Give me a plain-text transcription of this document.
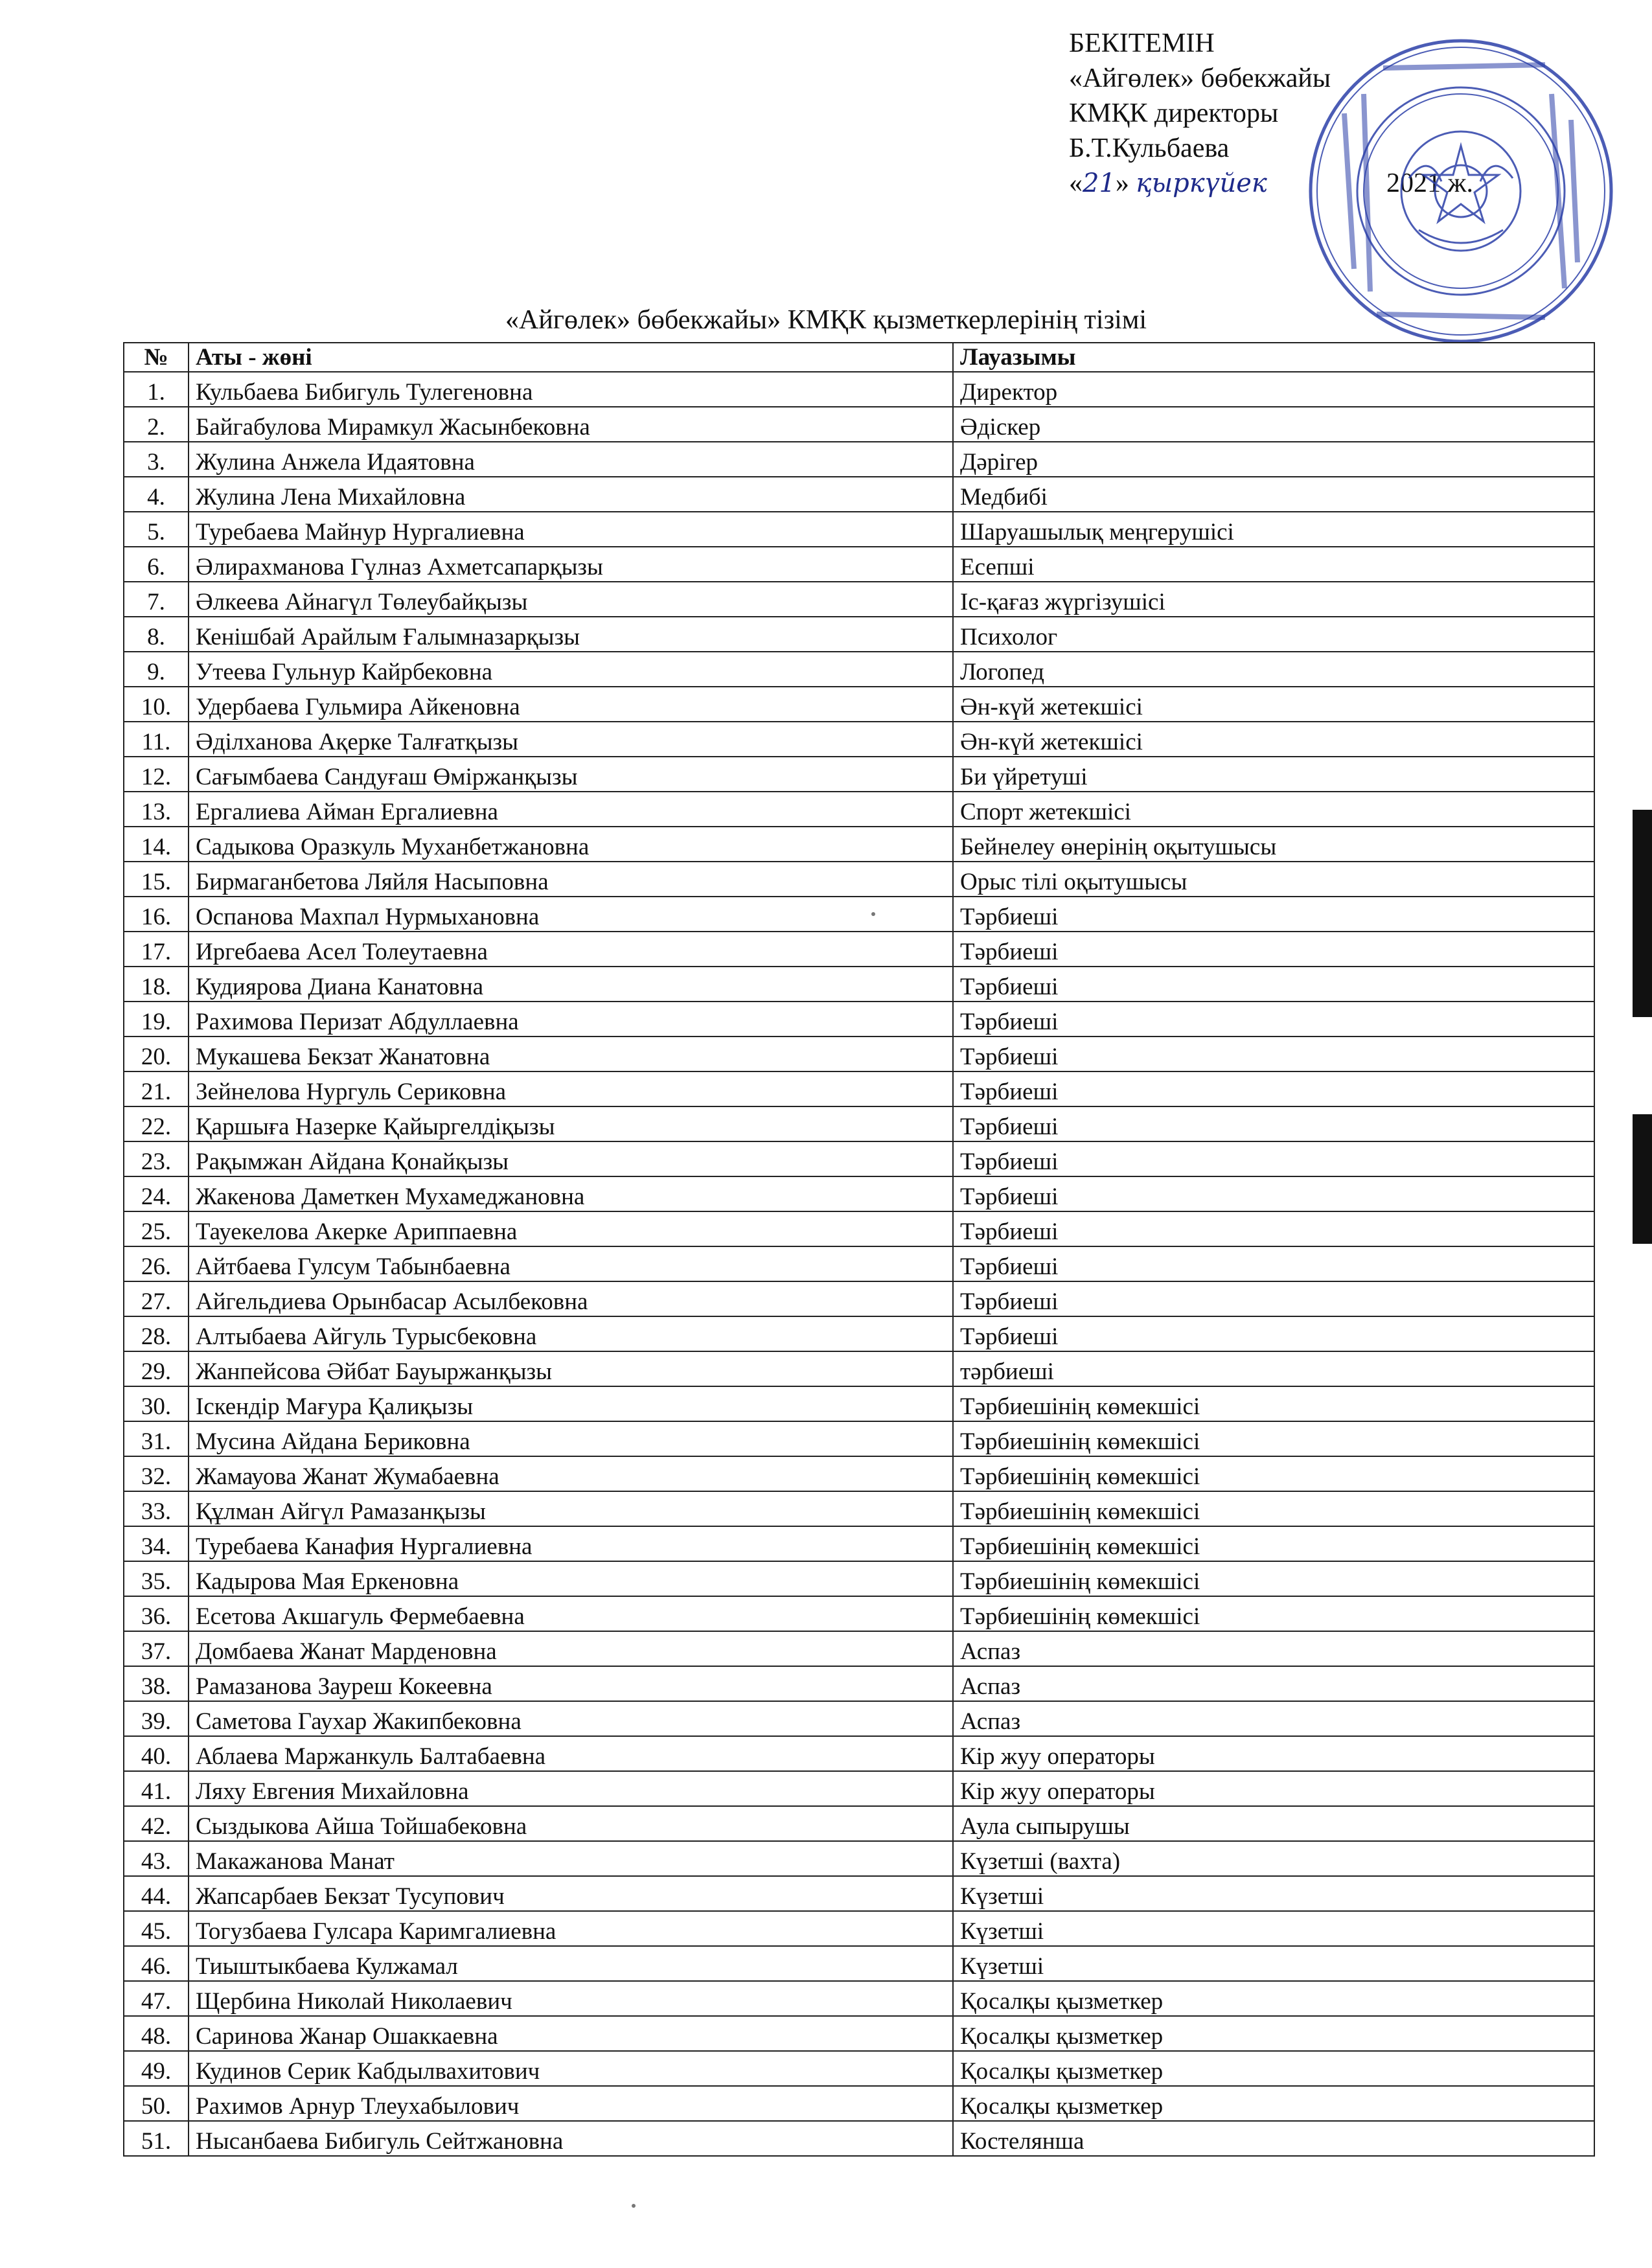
БЕКІТЕМІН
«Айгөлек» бөбекжайы
КМҚК директоры
Б.Т.Кульбаева
«21» қыркүйек	2021 ж.
«Айгөлек» бөбекжайы» КМҚК қызметкерлерінің тізімі
№	Аты - жөні	Лауазымы
1.	Кульбаева Бибигуль Тулегеновна	Директор
2.	Байгабулова Мирамкул Жасынбековна	Әдіскер
3.	Жулина Анжела Идаятовна	Дәрігер
4.	Жулина Лена Михайловна	Медбибі
5.	Туребаева Майнур Нургалиевна	Шаруашылық меңгерушісі
6.	Әлирахманова Гүлназ Ахметсапарқызы	Есепші
7.	Әлкеева Айнагүл Төлеубайқызы	Іс-қағаз жүргізушісі
8.	Кенішбай Арайлым Ғалымназарқызы	Психолог
9.	Утеева Гульнур Кайрбековна	Логопед
10.	Удербаева Гульмира Айкеновна	Ән-күй жетекшісі
11.	Әділханова Ақерке Талғатқызы	Ән-күй жетекшісі
12.	Сағымбаева Сандуғаш Өміржанқызы	Би үйретуші
13.	Ергалиева Айман Ергалиевна	Спорт жетекшісі
14.	Садыкова Оразкуль Муханбетжановна	Бейнелеу өнерінің оқытушысы
15.	Бирмаганбетова Ляйля Насыповна	Орыс тілі оқытушысы
16.	Оспанова Махпал Нурмыхановна	Тәрбиеші
17.	Иргебаева Асел Толеутаевна	Тәрбиеші
18.	Кудиярова Диана Канатовна	Тәрбиеші
19.	Рахимова Перизат Абдуллаевна	Тәрбиеші
20.	Мукашева Бекзат Жанатовна	Тәрбиеші
21.	Зейнелова Нургуль Сериковна	Тәрбиеші
22.	Қаршыға Назерке Қайыргелдіқызы	Тәрбиеші
23.	Рақымжан Айдана Қонайқызы	Тәрбиеші
24.	Жакенова Даметкен Мухамеджановна	Тәрбиеші
25.	Тауекелова Акерке Ариппаевна	Тәрбиеші
26.	Айтбаева Гулсум Табынбаевна	Тәрбиеші
27.	Айгельдиева Орынбасар Асылбековна	Тәрбиеші
28.	Алтыбаева Айгуль Турысбековна	Тәрбиеші
29.	Жанпейсова Әйбат Бауыржанқызы	тәрбиеші
30.	Іскендір Мағура Қалиқызы	Тәрбиешінің көмекшісі
31.	Мусина Айдана Бериковна	Тәрбиешінің көмекшісі
32.	Жамауова Жанат Жумабаевна	Тәрбиешінің көмекшісі
33.	Құлман Айгүл Рамазанқызы	Тәрбиешінің көмекшісі
34.	Туребаева Канафия Нургалиевна	Тәрбиешінің көмекшісі
35.	Кадырова Мая Еркеновна	Тәрбиешінің көмекшісі
36.	Есетова Акшагуль Фермебаевна	Тәрбиешінің көмекшісі
37.	Домбаева Жанат Марденовна	Аспаз
38.	Рамазанова Зауреш Кокеевна	Аспаз
39.	Саметова Гаухар Жакипбековна	Аспаз
40.	Аблаева Маржанкуль Балтабаевна	Кір жуу операторы
41.	Ляху Евгения Михайловна	Кір жуу операторы
42.	Сыздыкова Айша Тойшабековна	Аула сыпырушы
43.	Макажанова Манат	Күзетші (вахта)
44.	Жапсарбаев Бекзат Тусупович	Күзетші
45.	Тогузбаева Гулсара Каримгалиевна	Күзетші
46.	Тиыштыкбаева Кулжамал	Күзетші
47.	Щербина Николай Николаевич	Қосалқы қызметкер
48.	Саринова Жанар Ошаккаевна	Қосалқы қызметкер
49.	Кудинов Серик Кабдылвахитович	Қосалқы қызметкер
50.	Рахимов Арнур Тлеухабылович	Қосалқы қызметкер
51.	Нысанбаева Бибигуль Сейтжановна	Костелянша
